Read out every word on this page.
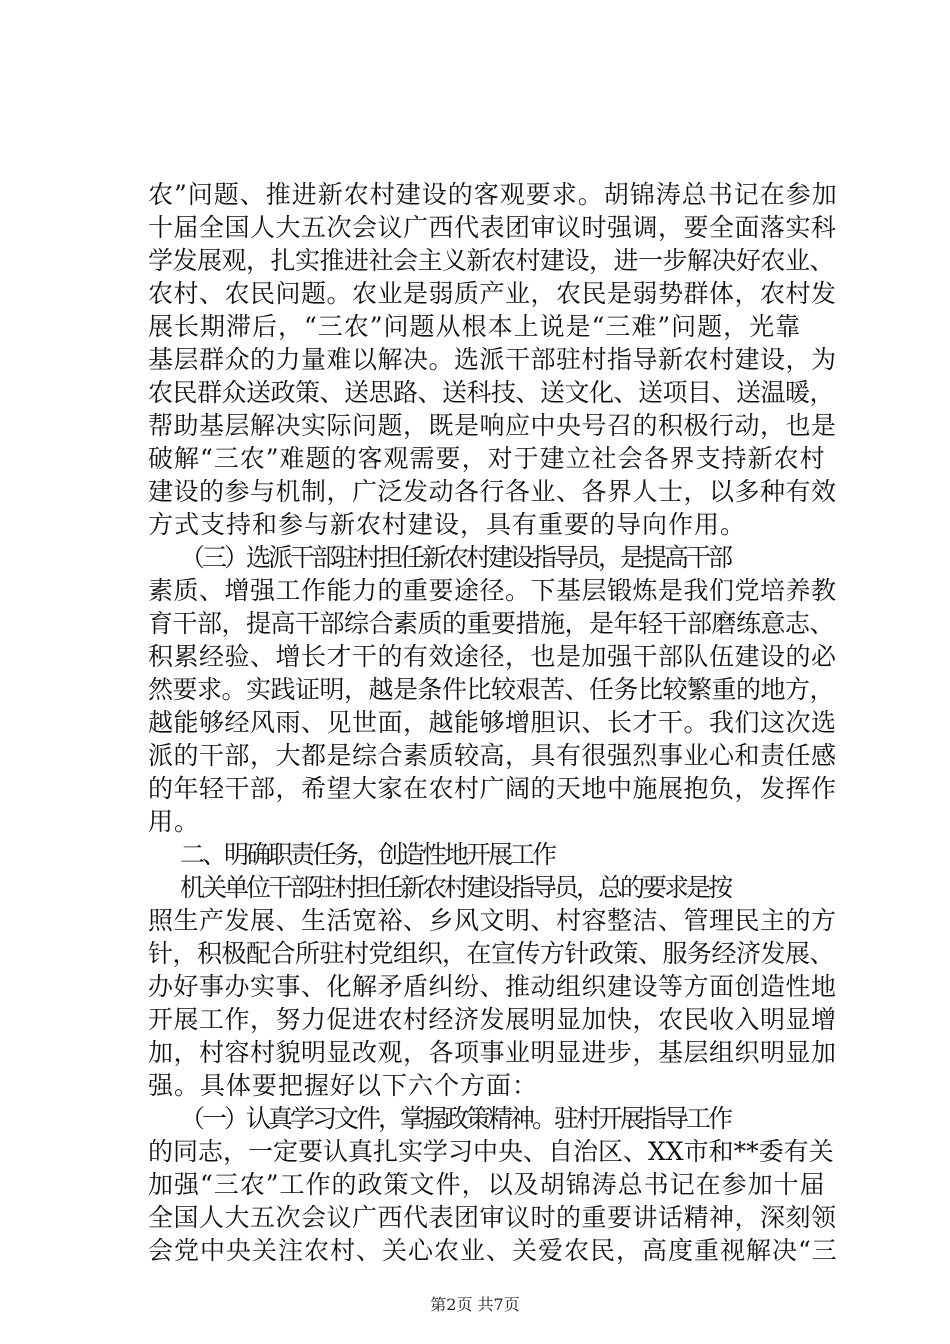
农”问题、推进新农村建设的客观要求。胡锦涛总书记在参加
十届全国人大五次会议广西代表团审议时强调，要全面落实科
学发展观，扎实推进社会主义新农村建设，进一步解决好农业、
农村、农民问题。农业是弱质产业，农民是弱势群体，农村发
展长期滞后，“三农”问题从根本上说是“三难”问题，光靠
基层群众的力量难以解决。选派干部驻村指导新农村建设，为
农民群众送政策、送思路、送科技、送文化、送项目、送温暖，
帮助基层解决实际问题，既是响应中央号召的积极行动，也是
破解“三农”难题的客观需要，对于建立社会各界支持新农村
建设的参与机制，广泛发动各行各业、各界人士，以多种有效
方式支持和参与新农村建设，具有重要的导向作用。
（三）选派干部驻村担任新农村建设指导员，是提高干部
素质、增强工作能力的重要途径。下基层锻炼是我们党培养教
育干部，提高干部综合素质的重要措施，是年轻干部磨练意志、
积累经验、增长才干的有效途径，也是加强干部队伍建设的必
然要求。实践证明，越是条件比较艰苦、任务比较繁重的地方，
越能够经风雨、见世面，越能够增胆识、长才干。我们这次选
派的干部，大都是综合素质较高，具有很强烈事业心和责任感
的年轻干部，希望大家在农村广阔的天地中施展抱负，发挥作
用。
二、明确职责任务，创造性地开展工作
机关单位干部驻村担任新农村建设指导员，总的要求是按
照生产发展、生活宽裕、乡风文明、村容整洁、管理民主的方
针，积极配合所驻村党组织，在宣传方针政策、服务经济发展、
办好事办实事、化解矛盾纠纷、推动组织建设等方面创造性地
开展工作，努力促进农村经济发展明显加快，农民收入明显增
加，村容村貌明显改观，各项事业明显进步，基层组织明显加
强。具体要把握好以下六个方面：
（一）认真学习文件，掌握政策精神。驻村开展指导工作
的同志，一定要认真扎实学习中央、自治区、XX市和**委有关
加强“三农”工作的政策文件，以及胡锦涛总书记在参加十届
全国人大五次会议广西代表团审议时的重要讲话精神，深刻领
会党中央关注农村、关心农业、关爱农民，高度重视解决“三
第2页 共7页
